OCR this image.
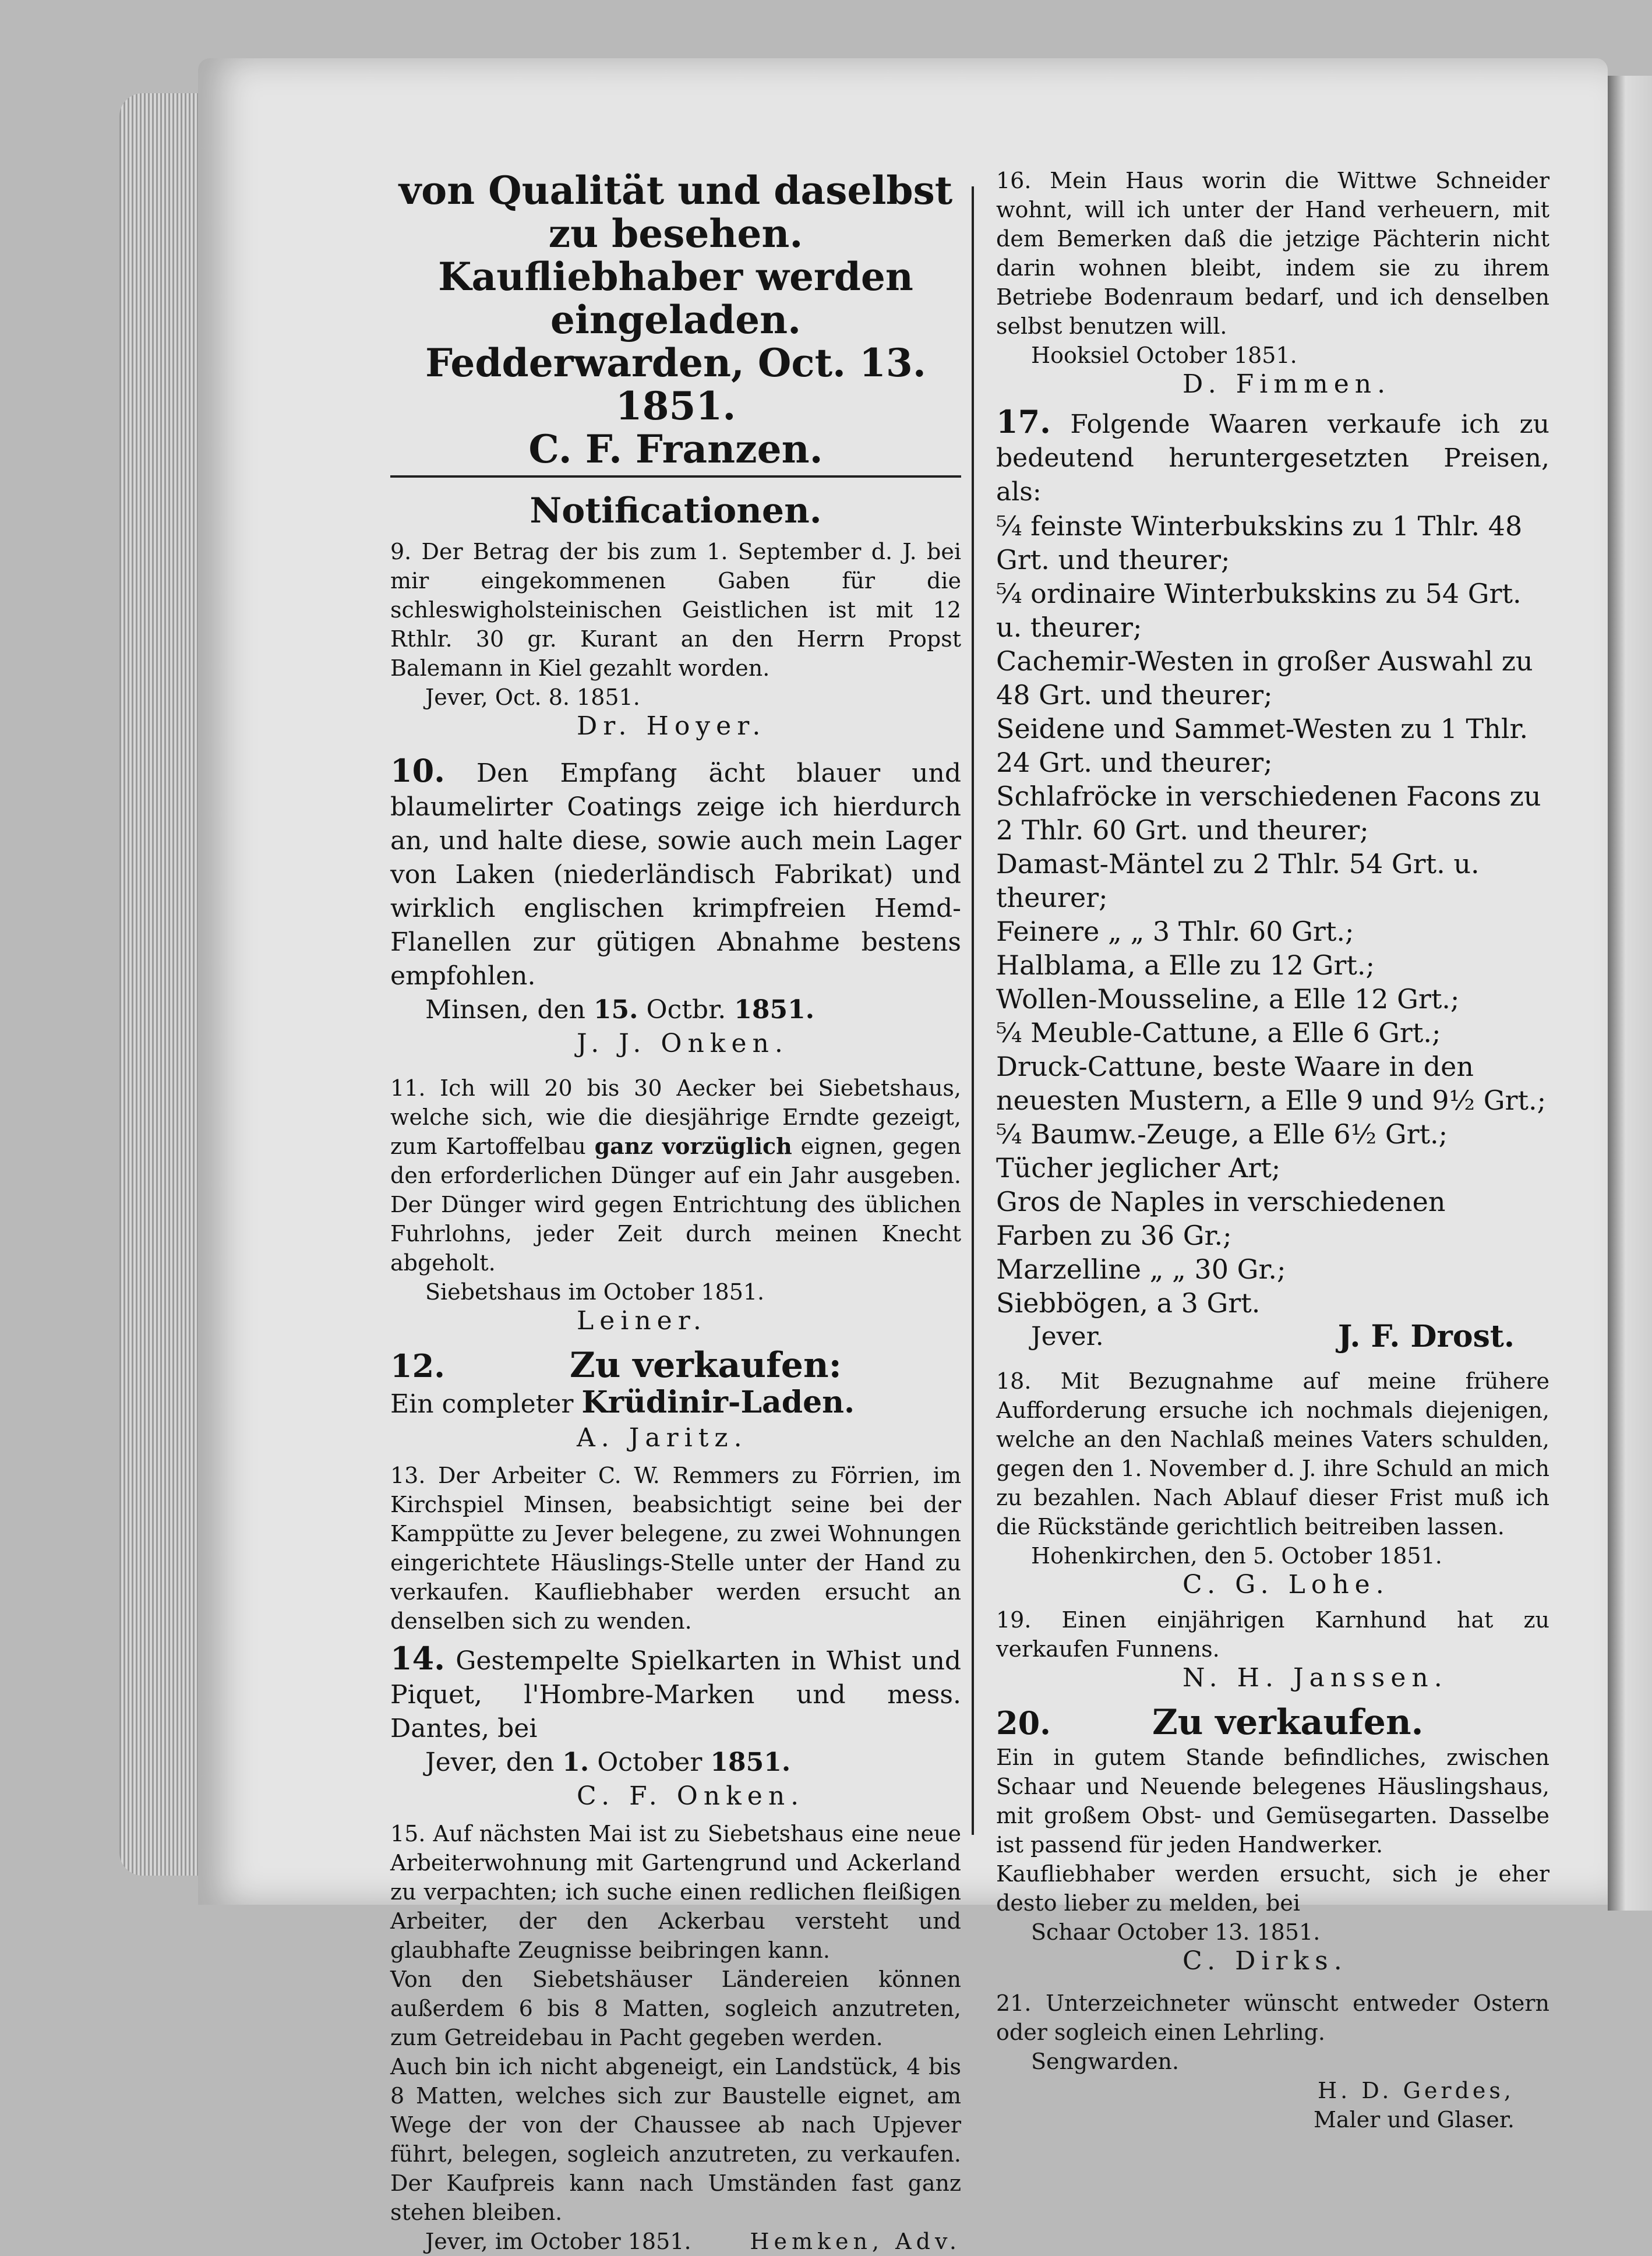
von Qualität und daselbst zu besehen.
Kaufliebhaber werden eingeladen.
Fedderwarden, Oct. 13. 1851.
C. F. Franzen.
Notificationen.

9. Der Betrag der bis zum 1. September d. J. bei mir eingekommenen Gaben für die schleswigholsteinischen Geistlichen ist mit 12 Rthlr. 30 gr. Kurant an den Herrn Propst Balemann in Kiel gezahlt worden.

Jever, Oct. 8. 1851.

Dr. Hoyer.

10. Den Empfang ächt blauer und blaumelirter Coatings zeige ich hierdurch an, und halte diese, sowie auch mein Lager von Laken (niederländisch Fabrikat) und wirklich englischen krimpfreien Hemd-Flanellen zur gütigen Abnahme bestens empfohlen.

Minsen, den 15. Octbr. 1851.

J. J. Onken.

11. Ich will 20 bis 30 Aecker bei Siebetshaus, welche sich, wie die diesjährige Erndte gezeigt, zum Kartoffelbau ganz vorzüglich eignen, gegen den erforderlichen Dünger auf ein Jahr ausgeben. Der Dünger wird gegen Entrichtung des üblichen Fuhrlohns, jeder Zeit durch meinen Knecht abgeholt.

Siebetshaus im October 1851.

Leiner.

12.	Zu verkaufen:

Ein completer Krüdinir-Laden.

A. Jaritz.

13. Der Arbeiter C. W. Remmers zu Förrien, im Kirchspiel Minsen, beabsichtigt seine bei der Kamppütte zu Jever belegene, zu zwei Wohnungen eingerichtete Häuslings-Stelle unter der Hand zu verkaufen. Kaufliebhaber werden ersucht an denselben sich zu wenden.

14. Gestempelte Spielkarten in Whist und Piquet, l'Hombre-Marken und mess. Dantes, bei

Jever, den 1. October 1851.

C. F. Onken.

15. Auf nächsten Mai ist zu Siebetshaus eine neue Arbeiterwohnung mit Gartengrund und Ackerland zu verpachten; ich suche einen redlichen fleißigen Arbeiter, der den Ackerbau versteht und glaubhafte Zeugnisse beibringen kann.

Von den Siebetshäuser Ländereien können außerdem 6 bis 8 Matten, sogleich anzutreten, zum Getreidebau in Pacht gegeben werden.

Auch bin ich nicht abgeneigt, ein Landstück, 4 bis 8 Matten, welches sich zur Baustelle eignet, am Wege der von der Chaussee ab nach Upjever führt, belegen, sogleich anzutreten, zu verkaufen. Der Kaufpreis kann nach Umständen fast ganz stehen bleiben.

Jever, im October 1851.	Hemken, Adv.

16. Mein Haus worin die Wittwe Schneider wohnt, will ich unter der Hand verheuern, mit dem Bemerken daß die jetzige Pächterin nicht darin wohnen bleibt, indem sie zu ihrem Betriebe Bodenraum bedarf, und ich denselben selbst benutzen will.

Hooksiel October 1851.

D. Fimmen.

17. Folgende Waaren verkaufe ich zu bedeutend heruntergesetzten Preisen, als:

⁵⁄₄ feinste Winterbukskins zu 1 Thlr. 48 Grt. und theurer;

⁵⁄₄ ordinaire Winterbukskins zu 54 Grt. u. theurer;

Cachemir-Westen in großer Auswahl zu 48 Grt. und theurer;

Seidene und Sammet-Westen zu 1 Thlr. 24 Grt. und theurer;

Schlafröcke in verschiedenen Facons zu 2 Thlr. 60 Grt. und theurer;

Damast-Mäntel zu 2 Thlr. 54 Grt. u. theurer;

Feinere „ „ 3 Thlr. 60 Grt.;

Halblama, a Elle zu 12 Grt.;

Wollen-Mousseline, a Elle 12 Grt.;

⁵⁄₄ Meuble-Cattune, a Elle 6 Grt.;

Druck-Cattune, beste Waare in den neuesten Mustern, a Elle 9 und 9½ Grt.;

⁵⁄₄ Baumw.-Zeuge, a Elle 6½ Grt.;

Tücher jeglicher Art;

Gros de Naples in verschiedenen Farben zu 36 Gr.;

Marzelline „ „ 30 Gr.;

Siebbögen, a 3 Grt.

Jever.	J. F. Drost.

18. Mit Bezugnahme auf meine frühere Aufforderung ersuche ich nochmals diejenigen, welche an den Nachlaß meines Vaters schulden, gegen den 1. November d. J. ihre Schuld an mich zu bezahlen. Nach Ablauf dieser Frist muß ich die Rückstände gerichtlich beitreiben lassen.

Hohenkirchen, den 5. October 1851.

C. G. Lohe.

19. Einen einjährigen Karnhund hat zu verkaufen Funnens.

N. H. Janssen.

20.	Zu verkaufen.

Ein in gutem Stande befindliches, zwischen Schaar und Neuende belegenes Häuslingshaus, mit großem Obst- und Gemüsegarten. Dasselbe ist passend für jeden Handwerker.

Kaufliebhaber werden ersucht, sich je eher desto lieber zu melden, bei

Schaar October 13. 1851.

C. Dirks.

21. Unterzeichneter wünscht entweder Ostern oder sogleich einen Lehrling.

Sengwarden.

H. D. Gerdes,

Maler und Glaser.
